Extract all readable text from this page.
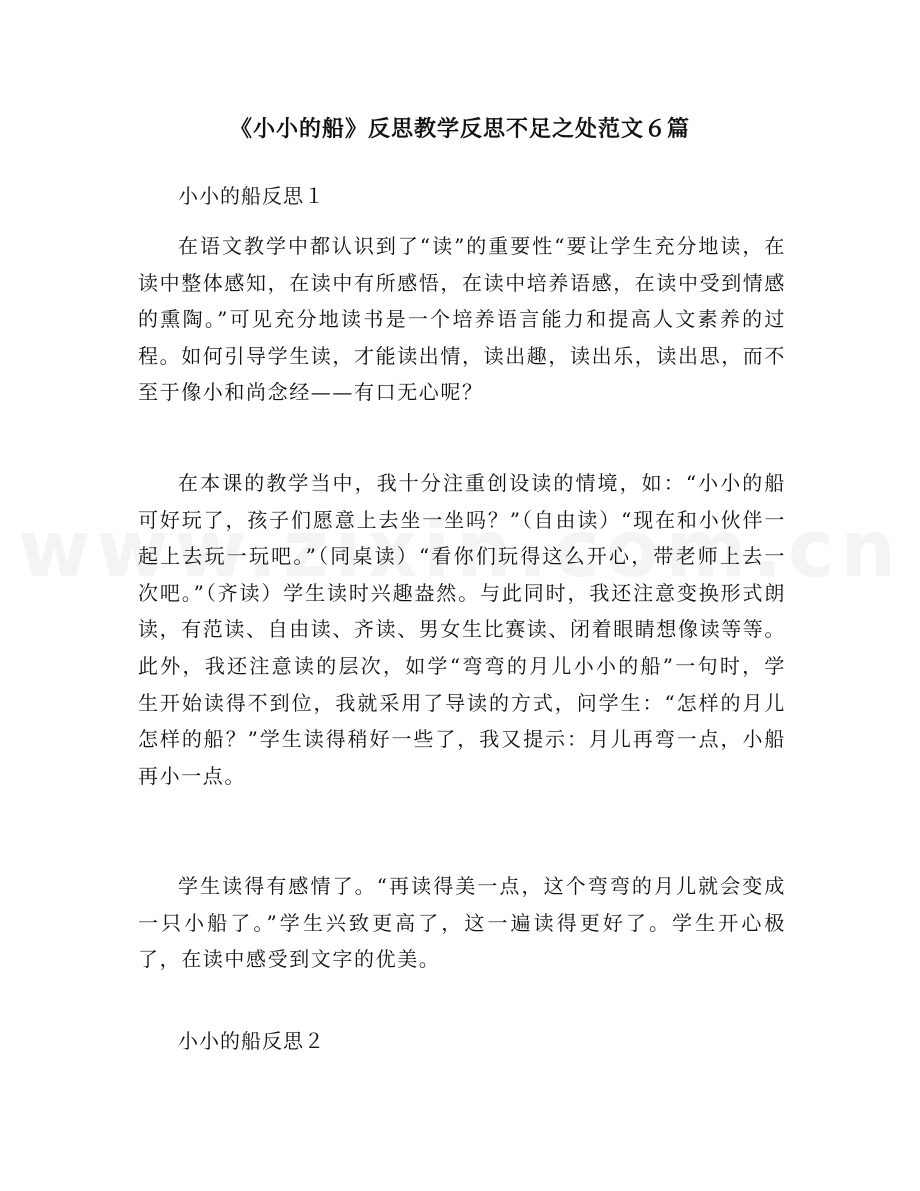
《小小的船》反思教学反思不足之处范文６篇

小小的船反思１

在语文教学中都认识到了“读”的重要性“要让学生充分地读，在读中整体感知，在读中有所感悟，在读中培养语感，在读中受到情感的熏陶。”可见充分地读书是一个培养语言能力和提高人文素养的过程。如何引导学生读，才能读出情，读出趣，读出乐，读出思，而不至于像小和尚念经——有口无心呢？

在本课的教学当中，我十分注重创设读的情境，如：“小小的船可好玩了，孩子们愿意上去坐一坐吗？”（自由读）“现在和小伙伴一起上去玩一玩吧。”（同桌读）“看你们玩得这么开心，带老师上去一次吧。”（齐读）学生读时兴趣盎然。与此同时，我还注意变换形式朗读，有范读、自由读、齐读、男女生比赛读、闭着眼睛想像读等等。此外，我还注意读的层次，如学“弯弯的月儿小小的船”一句时，学生开始读得不到位，我就采用了导读的方式，问学生：“怎样的月儿怎样的船？”学生读得稍好一些了，我又提示：月儿再弯一点，小船再小一点。

学生读得有感情了。“再读得美一点，这个弯弯的月儿就会变成一只小船了。”学生兴致更高了，这一遍读得更好了。学生开心极了，在读中感受到文字的优美。

小小的船反思２
